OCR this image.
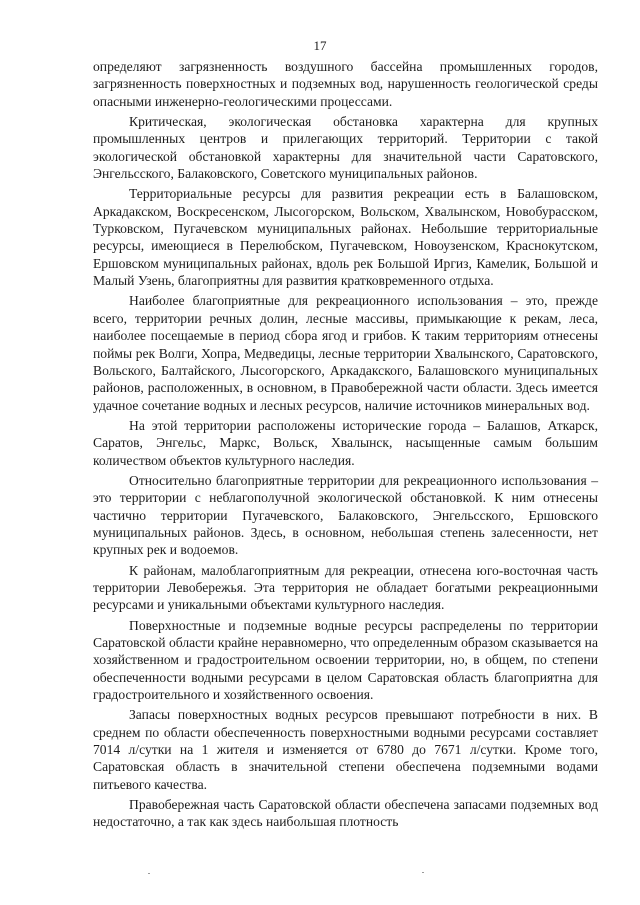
17

определяют загрязненность воздушного бассейна промышленных городов, загрязненность поверхностных и подземных вод, нарушенность геологической среды опасными инженерно-геологическими процессами.

Критическая, экологическая обстановка характерна для крупных промышленных центров и прилегающих территорий. Территории с такой экологической обстановкой характерны для значительной части Саратовского, Энгельсского, Балаковского, Советского муниципальных районов.

Территориальные ресурсы для развития рекреации есть в Балашовском, Аркадакском, Воскресенском, Лысогорском, Вольском, Хвалынском, Новобурасском, Турковском, Пугачевском муниципальных районах. Небольшие территориальные ресурсы, имеющиеся в Перелюбском, Пугачевском, Новоузенском, Краснокутском, Ершовском муниципальных районах, вдоль рек Большой Иргиз, Камелик, Большой и Малый Узень, благоприятны для развития кратковременного отдыха.

Наиболее благоприятные для рекреационного использования – это, прежде всего, территории речных долин, лесные массивы, примыкающие к рекам, леса, наиболее посещаемые в период сбора ягод и грибов. К таким территориям отнесены поймы рек Волги, Хопра, Медведицы, лесные территории Хвалынского, Саратовского, Вольского, Балтайского, Лысогорского, Аркадакского, Балашовского муниципальных районов, расположенных, в основном, в Правобережной части области. Здесь имеется удачное сочетание водных и лесных ресурсов, наличие источников минеральных вод.

На этой территории расположены исторические города – Балашов, Аткарск, Саратов, Энгельс, Маркс, Вольск, Хвалынск, насыщенные самым большим количеством объектов культурного наследия.

Относительно благоприятные территории для рекреационного использования – это территории с неблагополучной экологической обстановкой. К ним отнесены частично территории Пугачевского, Балаковского, Энгельсского, Ершовского муниципальных районов. Здесь, в основном, небольшая степень залесенности, нет крупных рек и водоемов.

К районам, малоблагоприятным для рекреации, отнесена юго-восточная часть территории Левобережья. Эта территория не обладает богатыми рекреационными ресурсами и уникальными объектами культурного наследия.

Поверхностные и подземные водные ресурсы распределены по территории Саратовской области крайне неравномерно, что определенным образом сказывается на хозяйственном и градостроительном освоении территории, но, в общем, по степени обеспеченности водными ресурсами в целом Саратовская область благоприятна для градостроительного и хозяйственного освоения.

Запасы поверхностных водных ресурсов превышают потребности в них. В среднем по области обеспеченность поверхностными водными ресурсами составляет 7014 л/сутки на 1 жителя и изменяется от 6780 до 7671 л/сутки. Кроме того, Саратовская область в значительной степени обеспечена подземными водами питьевого качества.

Правобережная часть Саратовской области обеспечена запасами подземных вод недостаточно, а так как здесь наибольшая плотность
